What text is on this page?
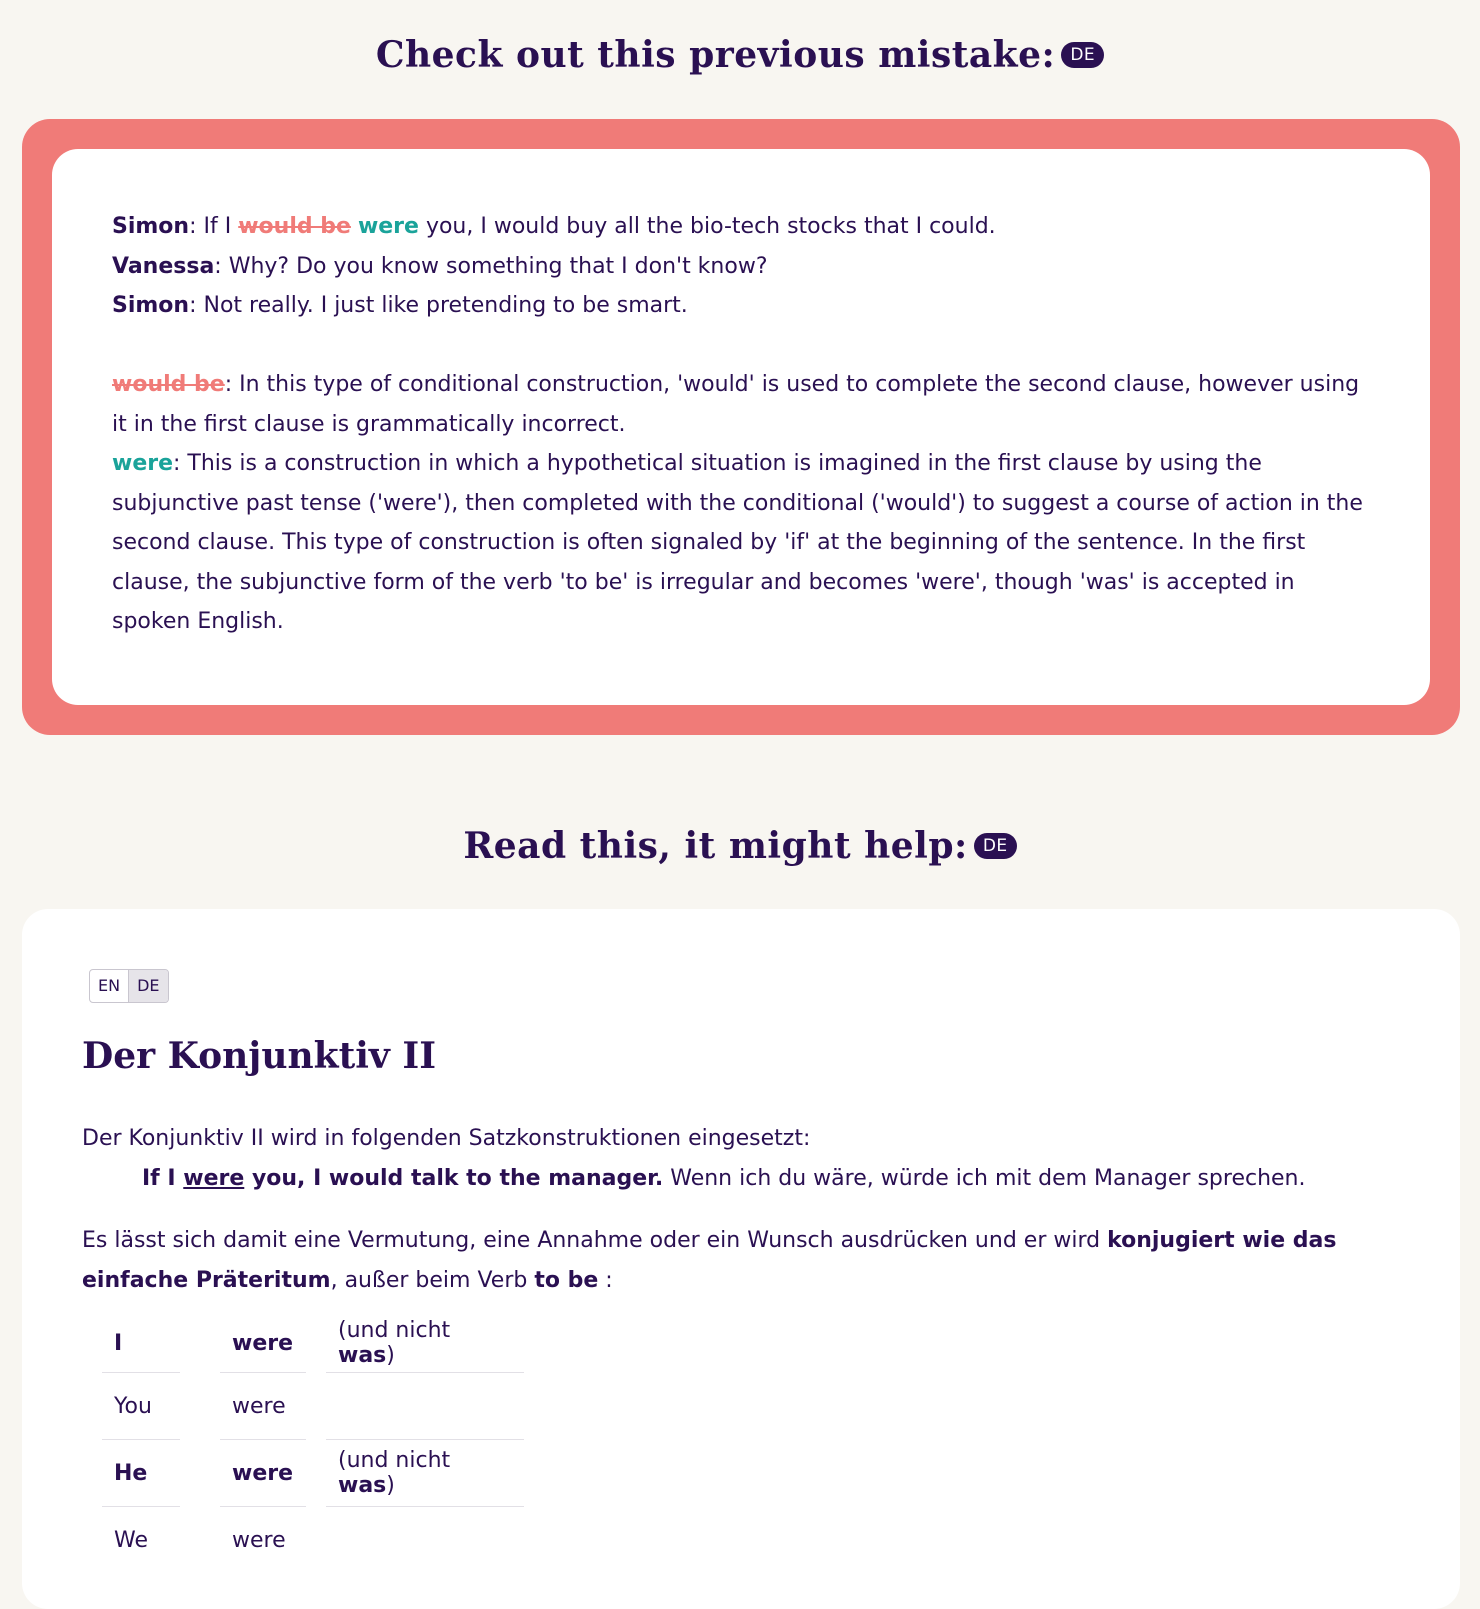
Check out this previous mistake: DE

Simon: If I would be were you, I would buy all the bio-tech stocks that I could.

Vanessa: Why? Do you know something that I don't know?

Simon: Not really. I just like pretending to be smart.

would be: In this type of conditional construction, 'would' is used to complete the second clause, however using it in the first clause is grammatically incorrect.

were: This is a construction in which a hypothetical situation is imagined in the first clause by using the subjunctive past tense ('were'), then completed with the conditional ('would') to suggest a course of action in the second clause. This type of construction is often signaled by 'if' at the beginning of the sentence. In the first clause, the subjunctive form of the verb 'to be' is irregular and becomes 'were', though 'was' is accepted in spoken English.

Read this, it might help: DE
EN	DE
Der Konjunktiv II
Der Konjunktiv II wird in folgenden Satzkonstruktionen eingesetzt:
If I were you, I would talk to the manager. Wenn ich du wäre, würde ich mit dem Manager sprechen.
Es lässt sich damit eine Vermutung, eine Annahme oder ein Wunsch ausdrücken und er wird konjugiert wie das einfache Präteritum, außer beim Verb to be :
I		were	(und nicht was)
You		were	
He		were	(und nicht was)
We		were	
